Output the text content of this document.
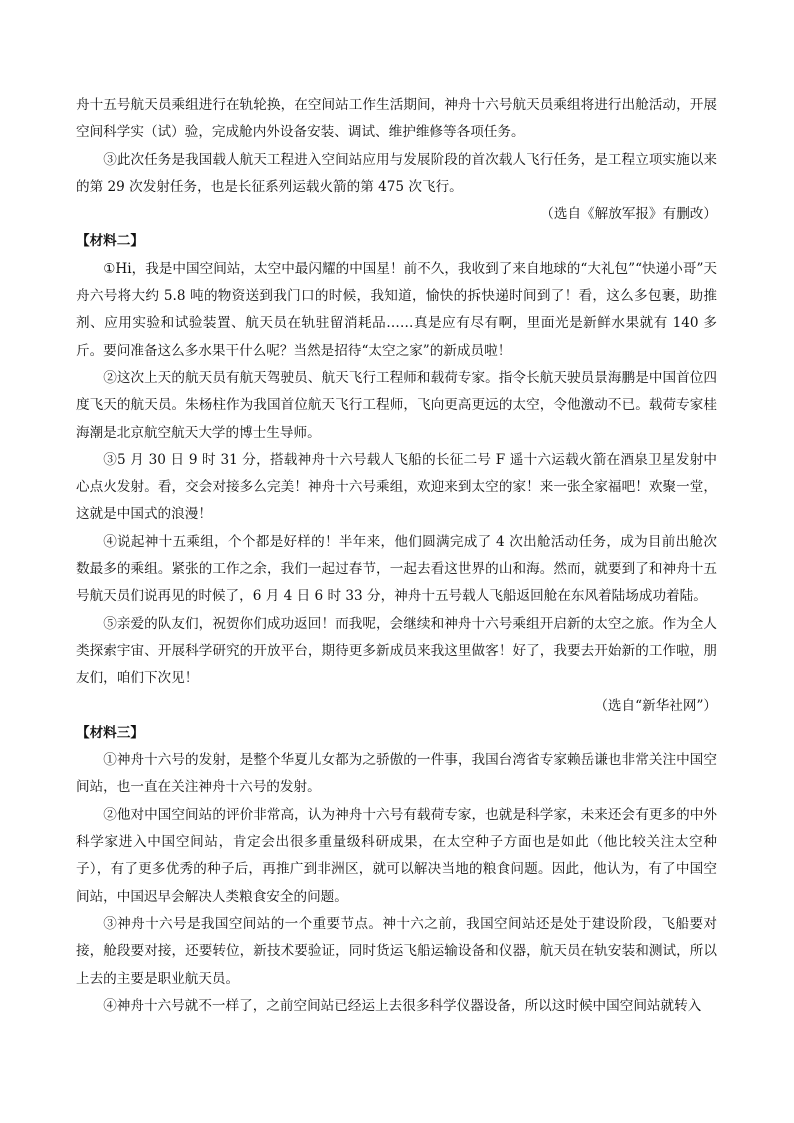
舟十五号航天员乘组进行在轨轮换，在空间站工作生活期间，神舟十六号航天员乘组将进行出舱活动，开展空间科学实（试）验，完成舱内外设备安装、调试、维护维修等各项任务。

③此次任务是我国载人航天工程进入空间站应用与发展阶段的首次载人飞行任务，是工程立项实施以来的第 29 次发射任务，也是长征系列运载火箭的第 475 次飞行。

（选自《解放军报》有删改）

【材料二】

①Hi，我是中国空间站，太空中最闪耀的中国星！前不久，我收到了来自地球的“大礼包”“快递小哥”天舟六号将大约 5.8 吨的物资送到我门口的时候，我知道，愉快的拆快递时间到了！看，这么多包裹，助推剂、应用实验和试验装置、航天员在轨驻留消耗品……真是应有尽有啊，里面光是新鲜水果就有 140 多斤。要问准备这么多水果干什么呢？当然是招待“太空之家”的新成员啦！

②这次上天的航天员有航天驾驶员、航天飞行工程师和载荷专家。指令长航天驶员景海鹏是中国首位四度飞天的航天员。朱杨柱作为我国首位航天飞行工程师，飞向更高更远的太空，令他激动不已。载荷专家桂海潮是北京航空航天大学的博士生导师。

③5 月 30 日 9 时 31 分，搭载神舟十六号载人飞船的长征二号 F 遥十六运载火箭在酒泉卫星发射中心点火发射。看，交会对接多么完美！神舟十六号乘组，欢迎来到太空的家！来一张全家福吧！欢聚一堂，这就是中国式的浪漫！

④说起神十五乘组，个个都是好样的！半年来，他们圆满完成了 4 次出舱活动任务，成为目前出舱次数最多的乘组。紧张的工作之余，我们一起过春节，一起去看这世界的山和海。然而，就要到了和神舟十五号航天员们说再见的时候了，6 月 4 日 6 时 33 分，神舟十五号载人飞船返回舱在东风着陆场成功着陆。

⑤亲爱的队友们，祝贺你们成功返回！而我呢，会继续和神舟十六号乘组开启新的太空之旅。作为全人类探索宇宙、开展科学研究的开放平台，期待更多新成员来我这里做客！好了，我要去开始新的工作啦，朋友们，咱们下次见！

（选自“新华社网”）

【材料三】

①神舟十六号的发射，是整个华夏儿女都为之骄傲的一件事，我国台湾省专家赖岳谦也非常关注中国空间站，也一直在关注神舟十六号的发射。

②他对中国空间站的评价非常高，认为神舟十六号有载荷专家，也就是科学家，未来还会有更多的中外科学家进入中国空间站，肯定会出很多重量级科研成果，在太空种子方面也是如此（他比较关注太空种子），有了更多优秀的种子后，再推广到非洲区，就可以解决当地的粮食问题。因此，他认为，有了中国空间站，中国迟早会解决人类粮食安全的问题。

③神舟十六号是我国空间站的一个重要节点。神十六之前，我国空间站还是处于建设阶段，飞船要对接，舱段要对接，还要转位，新技术要验证，同时货运飞船运输设备和仪器，航天员在轨安装和测试，所以上去的主要是职业航天员。

④神舟十六号就不一样了，之前空间站已经运上去很多科学仪器设备，所以这时候中国空间站就转入
